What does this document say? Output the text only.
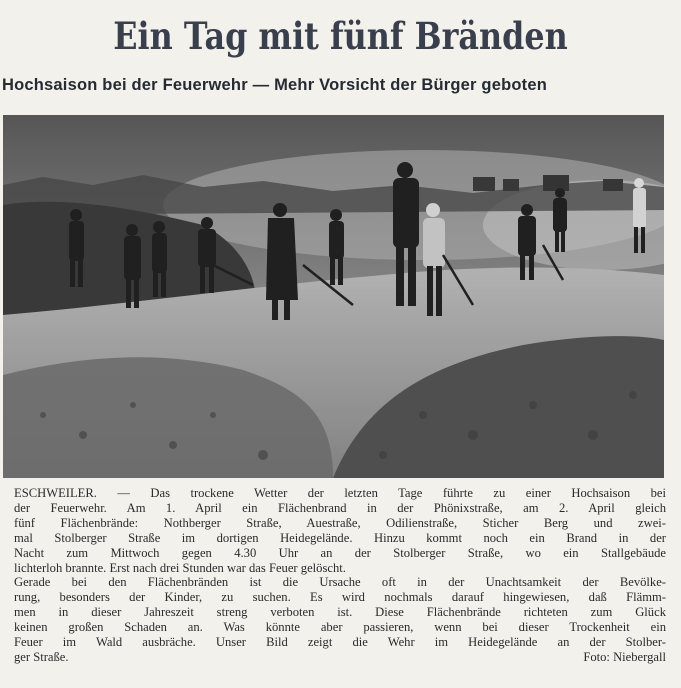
Ein Tag mit fünf Bränden
Hochsaison bei der Feuerwehr — Mehr Vorsicht der Bürger geboten
ESCHWEILER. — Das trockene Wetter der letzten Tage führte zu einer Hochsaison bei
der Feuerwehr. Am 1. April ein Flächenbrand in der Phönixstraße, am 2. April gleich
fünf Flächenbrände: Nothberger Straße, Auestraße, Odilienstraße, Sticher Berg und zwei-
mal Stolberger Straße im dortigen Heidegelände. Hinzu kommt noch ein Brand in der
Nacht zum Mittwoch gegen 4.30 Uhr an der Stolberger Straße, wo ein Stallgebäude
lichterloh brannte. Erst nach drei Stunden war das Feuer gelöscht.
Gerade bei den Flächenbränden ist die Ursache oft in der Unachtsamkeit der Bevölke-
rung, besonders der Kinder, zu suchen. Es wird nochmals darauf hingewiesen, daß Flämm-
men in dieser Jahreszeit streng verboten ist. Diese Flächenbrände richteten zum Glück
keinen großen Schaden an. Was könnte aber passieren, wenn bei dieser Trockenheit ein
Feuer im Wald ausbräche. Unser Bild zeigt die Wehr im Heidegelände an der Stolber-
ger Straße.	Foto: Niebergall
